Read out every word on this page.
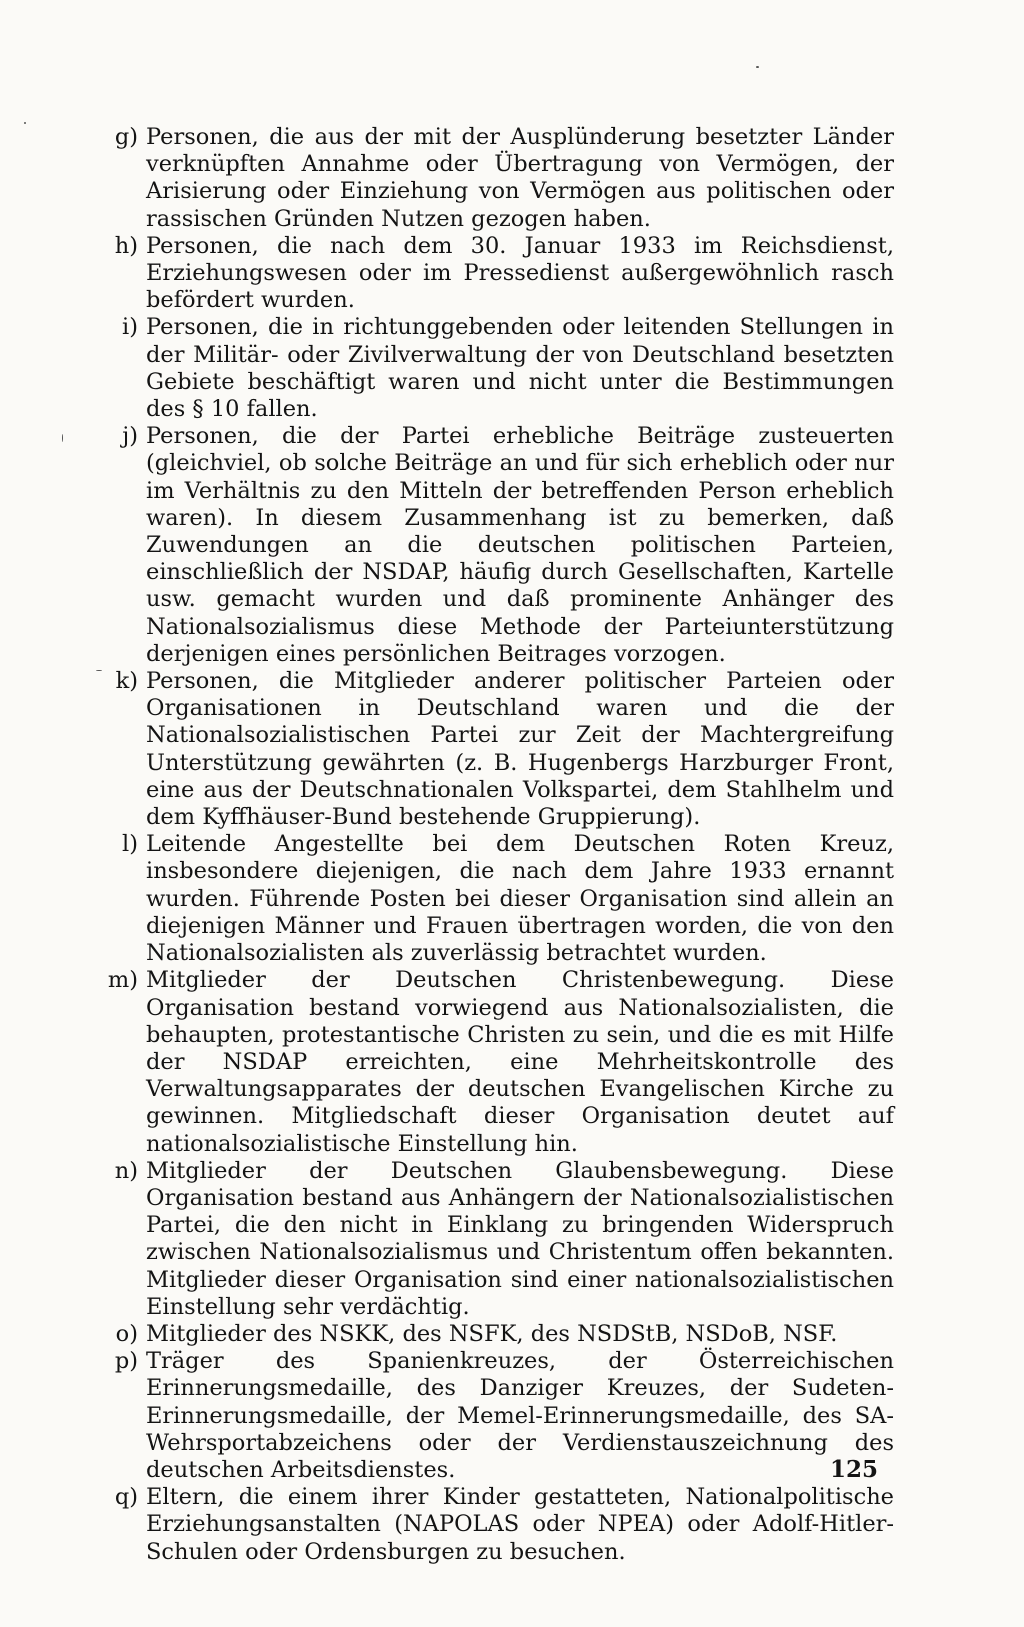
g) Personen, die aus der mit der Ausplünderung besetzter Länder verknüpften Annahme oder Übertragung von Vermögen, der Arisierung oder Einziehung von Vermögen aus politischen oder rassischen Gründen Nutzen gezogen haben.

h) Personen, die nach dem 30. Januar 1933 im Reichsdienst, Erziehungswesen oder im Pressedienst außergewöhnlich rasch befördert wurden.

i) Personen, die in richtunggebenden oder leitenden Stellungen in der Militär- oder Zivilverwaltung der von Deutschland besetzten Gebiete beschäftigt waren und nicht unter die Bestimmungen des § 10 fallen.

j) Personen, die der Partei erhebliche Beiträge zusteuerten (gleichviel, ob solche Beiträge an und für sich erheblich oder nur im Verhältnis zu den Mitteln der betreffenden Person erheblich waren). In diesem Zusammenhang ist zu bemerken, daß Zuwendungen an die deutschen politischen Parteien, einschließlich der NSDAP, häufig durch Gesellschaften, Kartelle usw. gemacht wurden und daß prominente Anhänger des Nationalsozialismus diese Methode der Parteiunterstützung derjenigen eines persönlichen Beitrages vorzogen.

k) Personen, die Mitglieder anderer politischer Parteien oder Organisationen in Deutschland waren und die der Nationalsozialistischen Partei zur Zeit der Machtergreifung Unterstützung gewährten (z. B. Hugenbergs Harzburger Front, eine aus der Deutschnationalen Volkspartei, dem Stahlhelm und dem Kyffhäuser-Bund bestehende Gruppierung).

l) Leitende Angestellte bei dem Deutschen Roten Kreuz, insbesondere diejenigen, die nach dem Jahre 1933 ernannt wurden. Führende Posten bei dieser Organisation sind allein an diejenigen Männer und Frauen übertragen worden, die von den Nationalsozialisten als zuverlässig betrachtet wurden.

m) Mitglieder der Deutschen Christenbewegung. Diese Organisation bestand vorwiegend aus Nationalsozialisten, die behaupten, protestantische Christen zu sein, und die es mit Hilfe der NSDAP erreichten, eine Mehrheitskontrolle des Verwaltungsapparates der deutschen Evangelischen Kirche zu gewinnen. Mitgliedschaft dieser Organisation deutet auf nationalsozialistische Einstellung hin.

n) Mitglieder der Deutschen Glaubensbewegung. Diese Organisation bestand aus Anhängern der Nationalsozialistischen Partei, die den nicht in Einklang zu bringenden Widerspruch zwischen Nationalsozialismus und Christentum offen bekannten. Mitglieder dieser Organisation sind einer nationalsozialistischen Einstellung sehr verdächtig.

o) Mitglieder des NSKK, des NSFK, des NSDStB, NSDoB, NSF.

p) Träger des Spanienkreuzes, der Österreichischen Erinnerungsmedaille, des Danziger Kreuzes, der Sudeten-Erinnerungsmedaille, der Memel-Erinnerungsmedaille, des SA-Wehrsportabzeichens oder der Verdienstauszeichnung des deutschen Arbeitsdienstes.

q) Eltern, die einem ihrer Kinder gestatteten, Nationalpolitische Erziehungsanstalten (NAPOLAS oder NPEA) oder Adolf-Hitler-Schulen oder Ordensburgen zu besuchen.

125
